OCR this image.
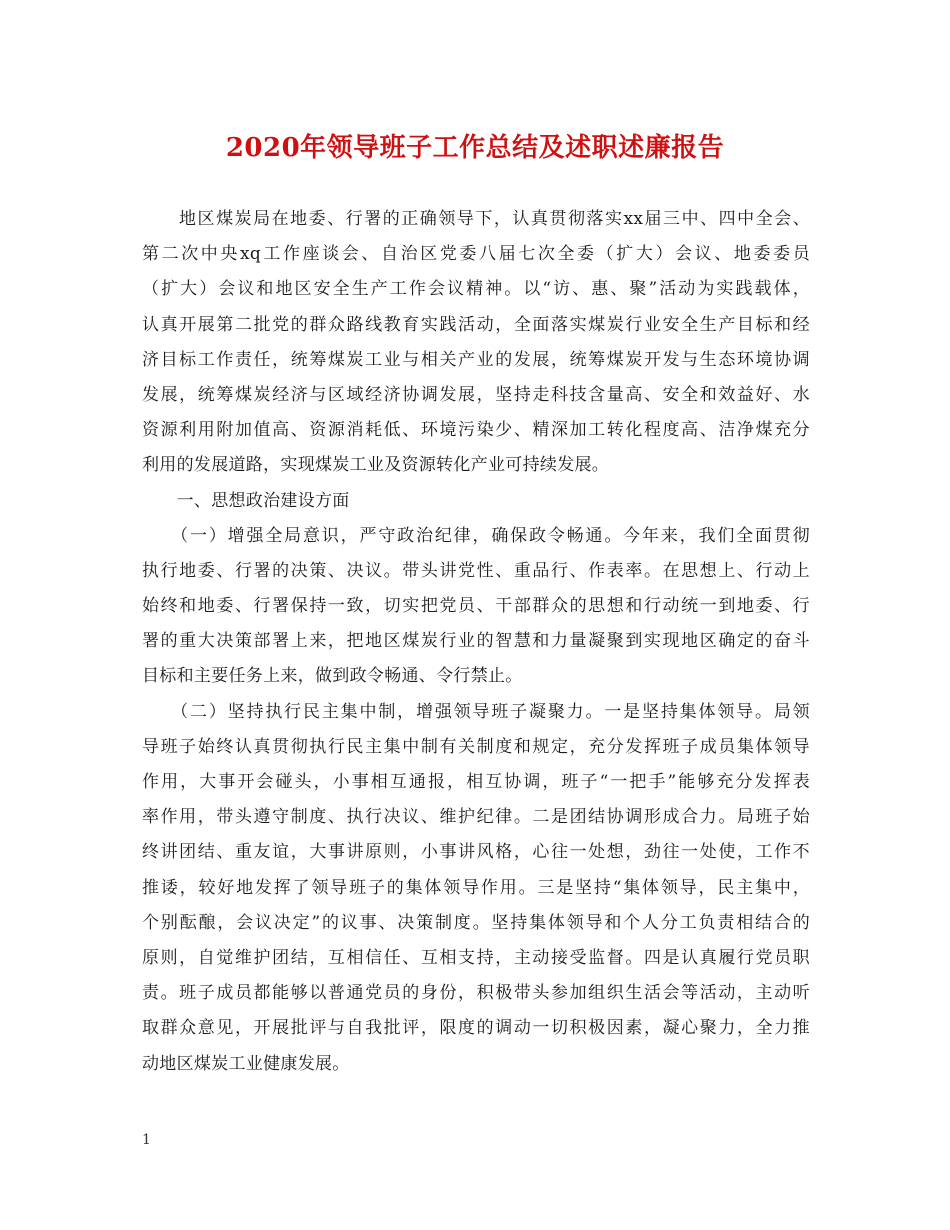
2020年领导班子工作总结及述职述廉报告
　　地区煤炭局在地委、行署的正确领导下，认真贯彻落实xx届三中、四中全会、
第二次中央xq工作座谈会、自治区党委八届七次全委（扩大）会议、地委委员
（扩大）会议和地区安全生产工作会议精神。以“访、惠、聚”活动为实践载体，
认真开展第二批党的群众路线教育实践活动，全面落实煤炭行业安全生产目标和经
济目标工作责任，统筹煤炭工业与相关产业的发展，统筹煤炭开发与生态环境协调
发展，统筹煤炭经济与区域经济协调发展，坚持走科技含量高、安全和效益好、水
资源利用附加值高、资源消耗低、环境污染少、精深加工转化程度高、洁净煤充分
利用的发展道路，实现煤炭工业及资源转化产业可持续发展。
　　一、思想政治建设方面
　　（一）增强全局意识，严守政治纪律，确保政令畅通。今年来，我们全面贯彻
执行地委、行署的决策、决议。带头讲党性、重品行、作表率。在思想上、行动上
始终和地委、行署保持一致，切实把党员、干部群众的思想和行动统一到地委、行
署的重大决策部署上来，把地区煤炭行业的智慧和力量凝聚到实现地区确定的奋斗
目标和主要任务上来，做到政令畅通、令行禁止。
　　（二）坚持执行民主集中制，增强领导班子凝聚力。一是坚持集体领导。局领
导班子始终认真贯彻执行民主集中制有关制度和规定，充分发挥班子成员集体领导
作用，大事开会碰头，小事相互通报，相互协调，班子“一把手”能够充分发挥表
率作用，带头遵守制度、执行决议、维护纪律。二是团结协调形成合力。局班子始
终讲团结、重友谊，大事讲原则，小事讲风格，心往一处想，劲往一处使，工作不
推诿，较好地发挥了领导班子的集体领导作用。三是坚持“集体领导，民主集中，
个别酝酿，会议决定”的议事、决策制度。坚持集体领导和个人分工负责相结合的
原则，自觉维护团结，互相信任、互相支持，主动接受监督。四是认真履行党员职
责。班子成员都能够以普通党员的身份，积极带头参加组织生活会等活动，主动听
取群众意见，开展批评与自我批评，限度的调动一切积极因素，凝心聚力，全力推
动地区煤炭工业健康发展。
1
